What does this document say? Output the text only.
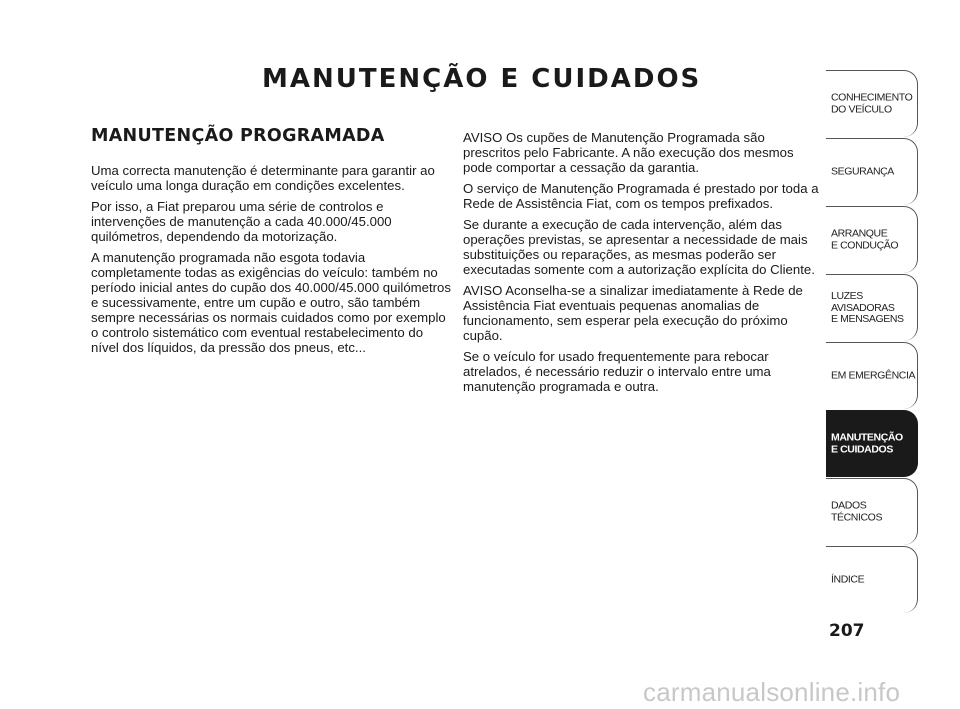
MANUTENÇÃO E CUIDADOS
MANUTENÇÃO PROGRAMADA

Uma correcta manutenção é determinante para garantir ao veículo uma longa duração em condições excelentes.

Por isso, a Fiat preparou uma série de controlos e intervenções de manutenção a cada 40.000/45.000 quilómetros, dependendo da motorização.

A manutenção programada não esgota todavia completamente todas as exigências do veículo: também no período inicial antes do cupão dos 40.000/45.000 quilómetros e sucessivamente, entre um cupão e outro, são também sempre necessárias os normais cuidados como por exemplo o controlo sistemático com eventual restabelecimento do nível dos líquidos, da pressão dos pneus, etc...

AVISO Os cupões de Manutenção Programada são prescritos pelo Fabricante. A não execução dos mesmos pode comportar a cessação da garantia.

O serviço de Manutenção Programada é prestado por toda a Rede de Assistência Fiat, com os tempos prefixados.

Se durante a execução de cada intervenção, além das operações previstas, se apresentar a necessidade de mais substituições ou reparações, as mesmas poderão ser executadas somente com a autorização explícita do Cliente.

AVISO Aconselha-se a sinalizar imediatamente à Rede de Assistência Fiat eventuais pequenas anomalias de funcionamento, sem esperar pela execução do próximo cupão.

Se o veículo for usado frequentemente para rebocar atrelados, é necessário reduzir o intervalo entre uma manutenção programada e outra.

CONHECIMENTO
DO VEÍCULO
SEGURANÇA
ARRANQUE
E CONDUÇÃO
LUZES
AVISADORAS
E MENSAGENS
EM EMERGÊNCIA
MANUTENÇÃO
E CUIDADOS
DADOS
TÉCNICOS
ÍNDICE
207
carmanualsonline.info
